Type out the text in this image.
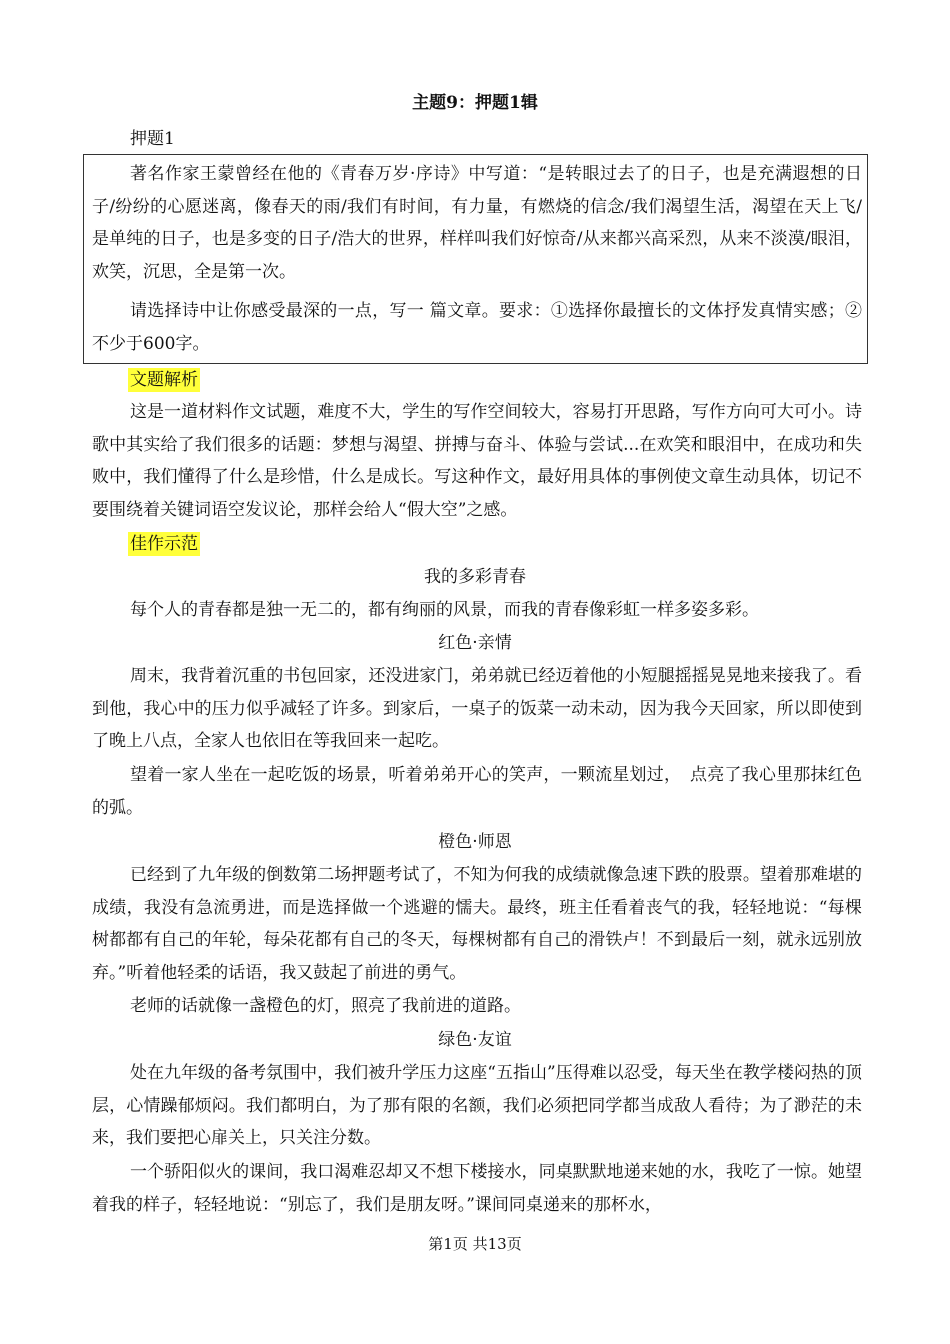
主题9：押题1辑
押题1

著名作家王蒙曾经在他的《青春万岁·序诗》中写道：“是转眼过去了的日子，也是充满遐想的日子/纷纷的心愿迷离，像春天的雨/我们有时间，有力量，有燃烧的信念/我们渴望生活，渴望在天上飞/是单纯的日子，也是多变的日子/浩大的世界，样样叫我们好惊奇/从来都兴高采烈，从来不淡漠/眼泪，欢笑，沉思，全是第一次。

请选择诗中让你感受最深的一点，写一 篇文章。要求：①选择你最擅长的文体抒发真情实感；②不少于600字。

文题解析

这是一道材料作文试题，难度不大，学生的写作空间较大，容易打开思路，写作方向可大可小。诗歌中其实给了我们很多的话题：梦想与渴望、拼搏与奋斗、体验与尝试...在欢笑和眼泪中，在成功和失败中，我们懂得了什么是珍惜，什么是成长。写这种作文，最好用具体的事例使文章生动具体，切记不要围绕着关键词语空发议论，那样会给人“假大空”之感。

佳作示范
我的多彩青春

每个人的青春都是独一无二的，都有绚丽的风景，而我的青春像彩虹一样多姿多彩。

红色·亲情

周末，我背着沉重的书包回家，还没进家门，弟弟就已经迈着他的小短腿摇摇晃晃地来接我了。看到他，我心中的压力似乎减轻了许多。到家后，一桌子的饭菜一动未动，因为我今天回家，所以即使到了晚上八点，全家人也依旧在等我回来一起吃。

望着一家人坐在一起吃饭的场景，听着弟弟开心的笑声，一颗流星划过，　点亮了我心里那抹红色的弧。

橙色·师恩

已经到了九年级的倒数第二场押题考试了，不知为何我的成绩就像急速下跌的股票。望着那难堪的成绩，我没有急流勇进，而是选择做一个逃避的懦夫。最终，班主任看着丧气的我，轻轻地说：“每棵树都都有自己的年轮，每朵花都有自己的冬天，每棵树都有自己的滑铁卢！不到最后一刻，就永远别放弃。”听着他轻柔的话语，我又鼓起了前进的勇气。

老师的话就像一盏橙色的灯，照亮了我前进的道路。

绿色·友谊

处在九年级的备考氛围中，我们被升学压力这座“五指山”压得难以忍受，每天坐在教学楼闷热的顶层，心情躁郁烦闷。我们都明白，为了那有限的名额，我们必须把同学都当成敌人看待；为了渺茫的未来，我们要把心扉关上，只关注分数。

一个骄阳似火的课间，我口渴难忍却又不想下楼接水，同桌默默地递来她的水，我吃了一惊。她望着我的样子，轻轻地说：“别忘了，我们是朋友呀。”课间同桌递来的那杯水，

第1页 共13页
